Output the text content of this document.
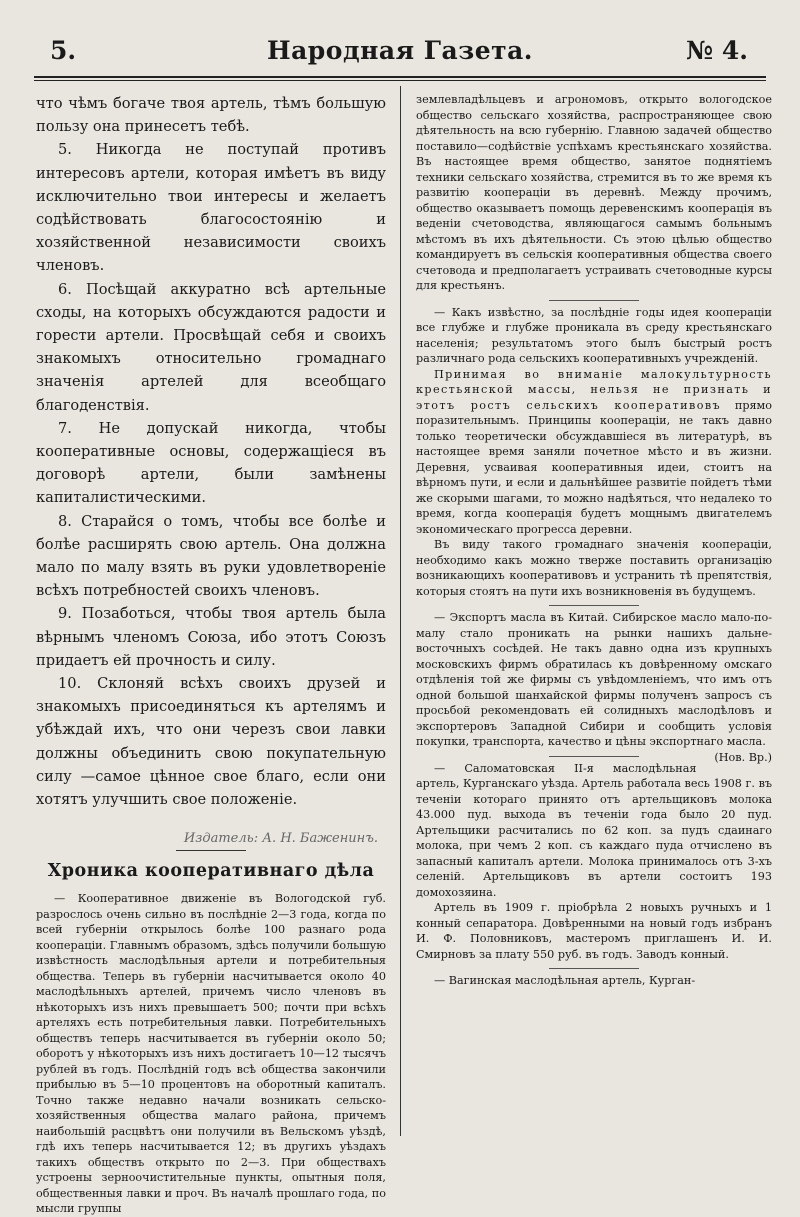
5.	Народная Газета.	№ 4.

что чѣмъ богаче твоя артель, тѣмъ большую пользу она принесетъ тебѣ.

5. Никогда не поступай противъ интересовъ артели, которая имѣетъ въ виду исключительно твои интересы и желаетъ содѣйствовать благосостоянію и хозяйственной независимости своихъ членовъ.

6. Посѣщай аккуратно всѣ артельные сходы, на которыхъ обсуждаются радости и горести артели. Просвѣщай себя и своихъ знакомыхъ относительно громаднаго значенія артелей для всеобщаго благоденствія.

7. Не допускай никогда, чтобы кооперативные основы, содержащіеся въ договорѣ артели, были замѣнены капиталистическими.

8. Старайся о томъ, чтобы все болѣе и болѣе расширять свою артель. Она должна мало по малу взять въ руки удовлетвореніе всѣхъ потребностей своихъ членовъ.

9. Позаботься, чтобы твоя артель была вѣрнымъ членомъ Союза, ибо этотъ Союзъ придаетъ ей прочность и силу.

10. Склоняй всѣхъ своихъ друзей и знакомыхъ присоединяться къ артелямъ и убѣждай ихъ, что они черезъ свои лавки должны объединить свою покупательную силу —самое цѣнное свое благо, если они хотятъ улучшить свое положеніе.

Издатель: А. Н. Баженинъ.
Хроника кооперативнаго дѣла

— Кооперативное движеніе въ Вологодской губ. разрослось очень сильно въ послѣдніе 2—3 года, когда по всей губерніи открылось болѣе 100 разнаго рода коопераціи. Главнымъ образомъ, здѣсь получили большую извѣстность маслодѣльныя артели и потребительныя общества. Теперь въ губерніи насчитывается около 40 маслодѣльныхъ артелей, причемъ число членовъ въ нѣкоторыхъ изъ нихъ превышаетъ 500; почти при всѣхъ артеляхъ есть потребительныя лавки. Потребительныхъ обществъ теперь насчитывается въ губерніи около 50; оборотъ у нѣкоторыхъ изъ нихъ достигаетъ 10—12 тысячъ рублей въ годъ. Послѣдній годъ всѣ общества закончили прибылью въ 5—10 процентовъ на оборотный капиталъ. Точно также недавно начали возникать сельско-хозяйственныя общества малаго района, причемъ наибольшій расцвѣтъ они получили въ Вельскомъ уѣздѣ, гдѣ ихъ теперь насчитывается 12; въ другихъ уѣздахъ такихъ обществъ открыто по 2—3. При обществахъ устроены зерноочистительные пункты, опытныя поля, общественныя лавки и проч. Въ началѣ прошлаго года, по мысли группы

землевладѣльцевъ и агрономовъ, открыто вологодское общество сельскаго хозяйства, распространяющее свою дѣятельность на всю губернію. Главною задачей общество поставило—содѣйствіе успѣхамъ крестьянскаго хозяйства. Въ настоящее время общество, занятое поднятіемъ техники сельскаго хозяйства, стремится въ то же время къ развитію коопераціи въ деревнѣ. Между прочимъ, общество оказываетъ помощь деревенскимъ кооперація въ веденіи счетоводства, являющагося самымъ больнымъ мѣстомъ въ ихъ дѣятельности. Съ этою цѣлью общество командируетъ въ сельскія кооперативныя общества своего счетовода и предполагаетъ устраивать счетоводные курсы для крестьянъ.

— Какъ извѣстно, за послѣдніе годы идея коопераціи все глубже и глубже проникала въ среду крестьянскаго населенія; результатомъ этого былъ быстрый ростъ различнаго рода сельскихъ кооперативныхъ учрежденій.

Принимая во вниманіе малокультурность крестьянской массы, нельзя не признать и этотъ ростъ сельскихъ кооперативовъ прямо поразительнымъ. Принципы коопераціи, не такъ давно только теоретически обсуждавшіеся въ литературѣ, въ настоящее время заняли почетное мѣсто и въ жизни. Деревня, усваивая кооперативныя идеи, стоитъ на вѣрномъ пути, и если и дальнѣйшее развитіе пойдетъ тѣми же скорыми шагами, то можно надѣяться, что недалеко то время, когда кооперація будетъ мощнымъ двигателемъ экономическаго прогресса деревни.

Въ виду такого громаднаго значенія коопераціи, необходимо какъ можно тверже поставить организацію возникающихъ кооперативовъ и устранить тѣ препятствія, которыя стоятъ на пути ихъ возникновенія въ будущемъ.

— Экспортъ масла въ Китай. Сибирское масло мало-по-малу стало проникать на рынки нашихъ дальне-восточныхъ сосѣдей. Не такъ давно одна изъ крупныхъ московскихъ фирмъ обратилась къ довѣренному омскаго отдѣленія той же фирмы съ увѣдомленіемъ, что имъ отъ одной большой шанхайской фирмы полученъ запросъ съ просьбой рекомендовать ей солидныхъ маслодѣловъ и экспортеровъ Западной Сибири и сообщить условія покупки, транспорта, качество и цѣны экспортнаго масла.
(Нов. Вр.)

— Саломатовская II-я маслодѣльная артель, Курганскаго уѣзда. Артель работала весь 1908 г. въ теченіи котораго принято отъ артельщиковъ молока 43.000 пуд. выхода въ теченіи года было 20 пуд. Артельщики расчитались по 62 коп. за пудъ сдаинаго молока, при чемъ 2 коп. съ каждаго пуда отчислено въ запасный капиталъ артели. Молока принималось отъ 3-хъ селеній. Артельщиковъ въ артели состоитъ 193 домохозяина.

Артель въ 1909 г. пріобрѣла 2 новыхъ ручныхъ и 1 конный сепаратора. Довѣренными на новый годъ избранъ И. Ф. Половниковъ, мастеромъ приглашенъ И. И. Смирновъ за плату 550 руб. въ годъ. Заводъ конный.

— Вагинская маслодѣльная артель, Курган-
